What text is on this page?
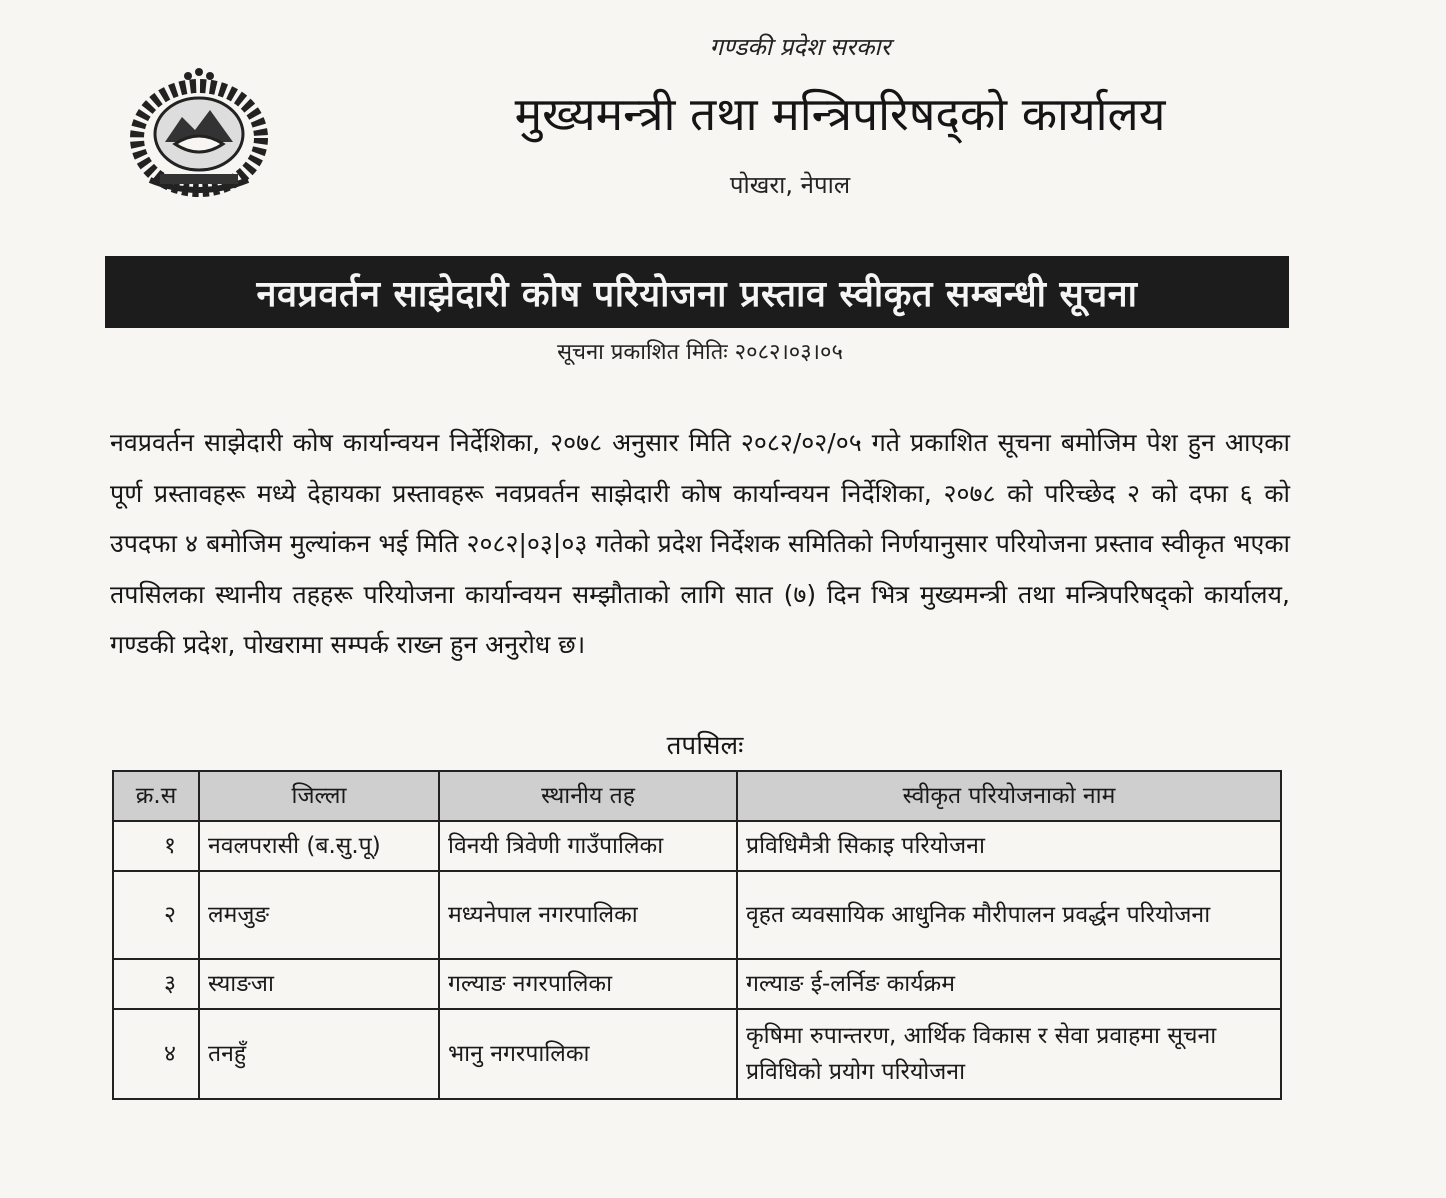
गण्डकी प्रदेश सरकार
मुख्यमन्त्री तथा मन्त्रिपरिषद्को कार्यालय
पोखरा, नेपाल
नवप्रवर्तन साझेदारी कोष परियोजना प्रस्ताव स्वीकृत सम्बन्धी सूचना
सूचना प्रकाशित मितिः २०८२।०३।०५
नवप्रवर्तन साझेदारी कोष कार्यान्वयन निर्देशिका, २०७८ अनुसार मिति २०८२/०२/०५ गते प्रकाशित सूचना बमोजिम पेश हुन आएका पूर्ण प्रस्तावहरू मध्ये देहायका प्रस्तावहरू नवप्रवर्तन साझेदारी कोष कार्यान्वयन निर्देशिका, २०७८ को परिच्छेद २ को दफा ६ को उपदफा ४ बमोजिम मुल्यांकन भई मिति २०८२|०३|०३ गतेको प्रदेश निर्देशक समितिको निर्णयानुसार परियोजना प्रस्ताव स्वीकृत भएका तपसिलका स्थानीय तहहरू परियोजना कार्यान्वयन सम्झौताको लागि सात (७) दिन भित्र मुख्यमन्त्री तथा मन्त्रिपरिषद्को कार्यालय, गण्डकी प्रदेश, पोखरामा सम्पर्क राख्न हुन अनुरोध छ।
तपसिलः
क्र.स	जिल्ला	स्थानीय तह	स्वीकृत परियोजनाको नाम
१	नवलपरासी (ब.सु.पू)	विनयी त्रिवेणी गाउँपालिका	प्रविधिमैत्री सिकाइ परियोजना
२	लमजुङ	मध्यनेपाल नगरपालिका	वृहत व्यवसायिक आधुनिक मौरीपालन प्रवर्द्धन परियोजना
३	स्याङजा	गल्याङ नगरपालिका	गल्याङ ई-लर्निङ कार्यक्रम
४	तनहुँ	भानु नगरपालिका	कृषिमा रुपान्तरण, आर्थिक विकास र सेवा प्रवाहमा सूचना प्रविधिको प्रयोग परियोजना
